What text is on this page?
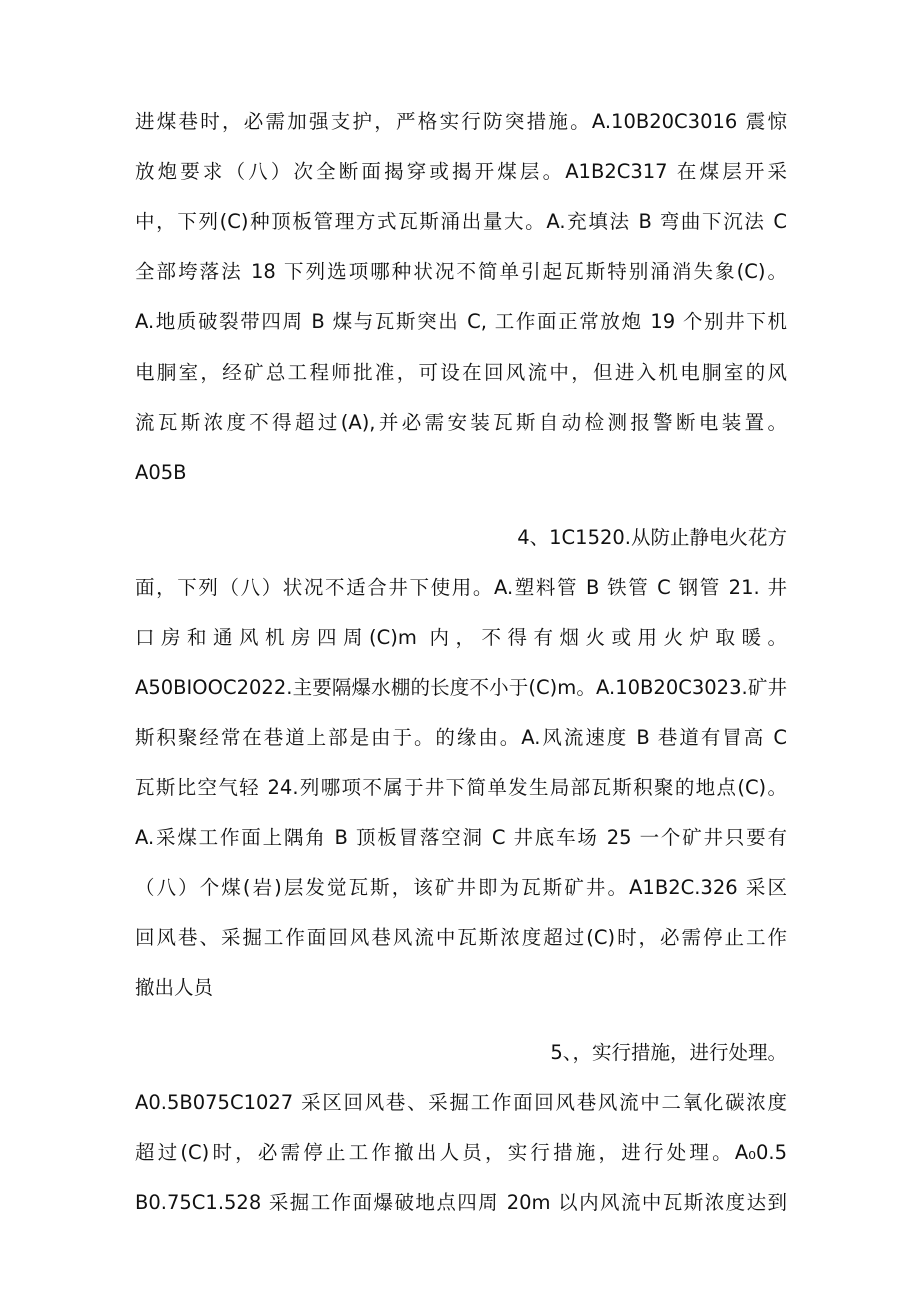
进煤巷时，必需加强支护，严格实行防突措施。A.10B20C3016 震惊
放炮要求（八）次全断面揭穿或揭开煤层。A1B2C317 在煤层开采
中，下列(C)种顶板管理方式瓦斯涌出量大。A.充填法 B 弯曲下沉法 C
全部垮落法 18 下列选项哪种状况不简单引起瓦斯特别涌消失象(C)。
A.地质破裂带四周 B 煤与瓦斯突出 C, 工作面正常放炮 19 个别井下机
电胴室，经矿总工程师批准，可设在回风流中，但进入机电胴室的风
流瓦斯浓度不得超过(A),并必需安装瓦斯自动检测报警断电装置。
A05B
4、1C1520.从防止静电火花方
面，下列（八）状况不适合井下使用。A.塑料管 B 铁管 C 钢管 21. 井
口房和通风机房四周(C)m 内，不得有烟火或用火炉取暖。
A50BIOOC2022.主要隔爆水棚的长度不小于(C)m。A.10B20C3023.矿井
斯积聚经常在巷道上部是由于。的缘由。A.风流速度 B 巷道有冒高 C
瓦斯比空气轻 24.列哪项不属于井下简单发生局部瓦斯积聚的地点(C)。
A.采煤工作面上隅角 B 顶板冒落空洞 C 井底车场 25 一个矿井只要有
（八）个煤(岩)层发觉瓦斯，该矿井即为瓦斯矿井。A1B2C.326 采区
回风巷、采掘工作面回风巷风流中瓦斯浓度超过(C)时，必需停止工作
撤出人员
5、，实行措施，进行处理。
A0.5B075C1027 采区回风巷、采掘工作面回风巷风流中二氧化碳浓度
超过(C)时，必需停止工作撤出人员，实行措施，进行处理。A₀0.5
B0.75C1.528 采掘工作面爆破地点四周 20m 以内风流中瓦斯浓度达到
